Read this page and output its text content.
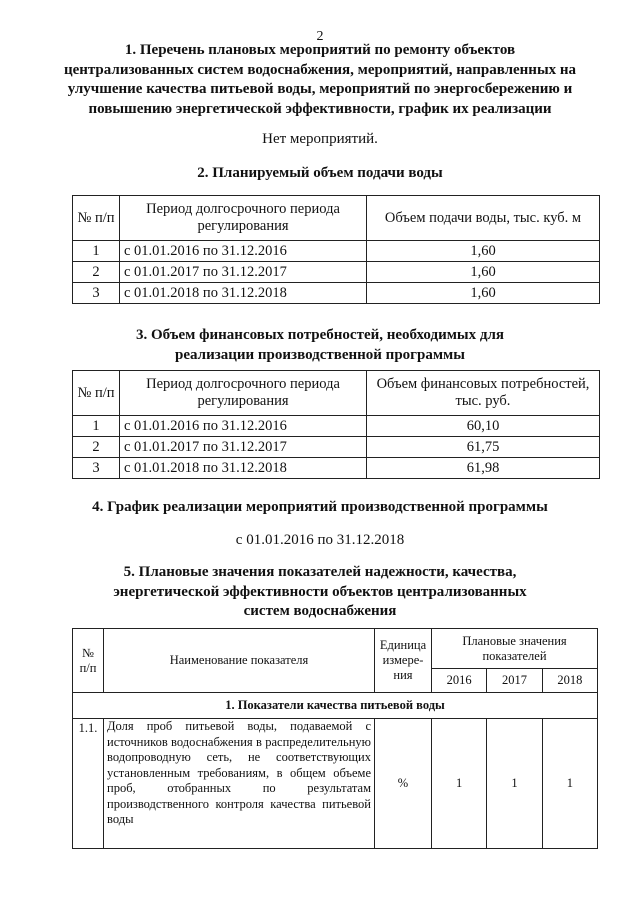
2
1. Перечень плановых мероприятий по ремонту объектов
централизованных систем водоснабжения, мероприятий, направленных на
улучшение качества питьевой воды, мероприятий по энергосбережению и
повышению энергетической эффективности, график их реализации
Нет мероприятий.
2. Планируемый объем подачи воды
№ п/п	Период долгосрочного периода регулирования	Объем подачи воды, тыс. куб. м
1	с 01.01.2016 по 31.12.2016	1,60
2	с 01.01.2017 по 31.12.2017	1,60
3	с 01.01.2018 по 31.12.2018	1,60
3. Объем финансовых потребностей, необходимых для
реализации производственной программы
№ п/п	Период долгосрочного периода регулирования	Объем финансовых потребностей, тыс. руб.
1	с 01.01.2016 по 31.12.2016	60,10
2	с 01.01.2017 по 31.12.2017	61,75
3	с 01.01.2018 по 31.12.2018	61,98
4. График реализации мероприятий производственной программы
с 01.01.2016 по 31.12.2018
5. Плановые значения показателей надежности, качества,
энергетической эффективности объектов централизованных
систем водоснабжения
№ п/п	Наименование показателя	Единица измере-ния	Плановые значения показателей		
			2016	2017	2018
1. Показатели качества питьевой воды					
1.1.	Доля проб питьевой воды, подаваемой с источников водоснабжения в распределительную водопроводную сеть, не соответствующих установленным требованиям, в общем объеме проб, отобранных по результатам производственного контроля качества питьевой воды	%	1	1	1
